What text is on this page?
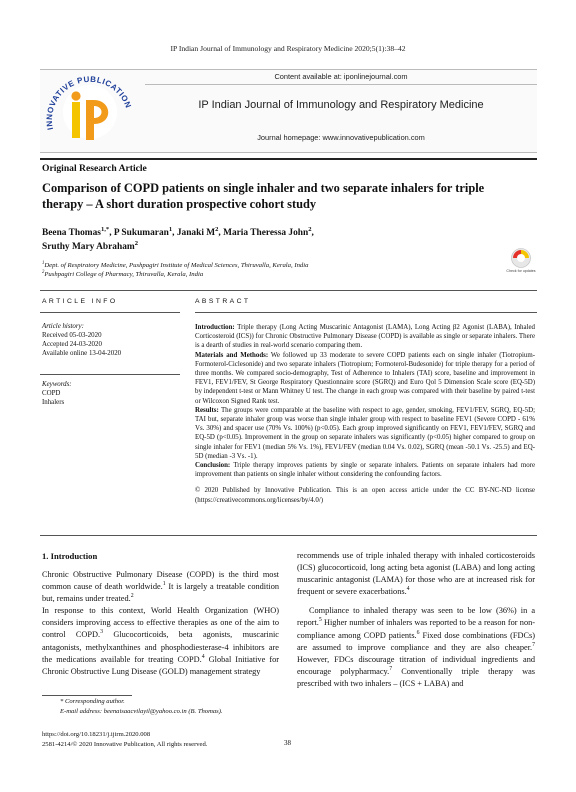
IP Indian Journal of Immunology and Respiratory Medicine 2020;5(1):38–42
INNOVATIVE PUBLICATION
Content available at: iponlinejournal.com
IP Indian Journal of Immunology and Respiratory Medicine
Journal homepage: www.innovativepublication.com
Original Research Article
Comparison of COPD patients on single inhaler and two separate inhalers for triple therapy – A short duration prospective cohort study
Beena Thomas$^{1,*}$, P Sukumaran$^1$, Janaki $M^2$, Maria Theressa John$^2$,
Sruthy Mary Abraham$^2$
$^1$Dept. of Respiratory Medicine, Pushpagiri Institute of Medical Sciences, Thiruvalla, Kerala, India
$^2$Pushpagiri College of Pharmacy, Thiruvalla, Kerala, India	Check for updates
ARTICLE INFO	ABSTRACT
Article history:
Received 05-03-2020
Accepted 24-03-2020
Available online 13-04-2020
Keywords:
COPD
Inhalers

Introduction: Triple therapy (Long Acting Muscarinic Antagonist (LAMA), Long Acting β2 Agonist (LABA), Inhaled Corticosteroid (ICS)) for Chronic Obstructive Pulmonary Disease (COPD) is available as single or separate inhalers. There is a dearth of studies in real-world scenario comparing them.

Materials and Methods: We followed up 33 moderate to severe COPD patients each on single inhaler (Tiotropium-Formoterol-Ciclesonide) and two separate inhalers (Tiotropium; Formoterol-Budesonide) for triple therapy for a period of three months. We compared socio-demography, Test of Adherence to Inhalers (TAI) score, baseline and improvement in FEV1, FEV1/FEV, St George Respiratory Questionnaire score (SGRQ) and Euro Qol 5 Dimension Scale score (EQ-5D) by independent t-test or Mann Whitney U test. The change in each group was compared with their baseline by paired t-test or Wilcoxon Signed Rank test.

Results: The groups were comparable at the baseline with respect to age, gender, smoking, FEV1/FEV, SGRQ, EQ-5D; TAI but, separate inhaler group was worse than single inhaler group with respect to baseline FEV1 (Severe COPD - 61% Vs. 30%) and spacer use (70% Vs. 100%) (p<0.05). Each group improved significantly on FEV1, FEV1/FEV, SGRQ and EQ-5D (p<0.05). Improvement in the group on separate inhalers was significantly (p<0.05) higher compared to group on single inhaler for FEV1 (median 5% Vs. 1%), FEV1/FEV (median 0.04 Vs. 0.02), SGRQ (mean -50.1 Vs. -25.5) and EQ-5D (median -3 Vs. -1).

Conclusion: Triple therapy improves patients by single or separate inhalers. Patients on separate inhalers had more improvement than patients on single inhaler without considering the confounding factors.

© 2020 Published by Innovative Publication. This is an open access article under the CC BY-NC-ND license (https://creativecommons.org/licenses/by/4.0/)

1. Introduction

Chronic Obstructive Pulmonary Disease (COPD) is the third most common cause of death worldwide.$^1$ It is largely a treatable condition but, remains under treated.$^2$
In response to this context, World Health Organization (WHO) considers improving access to effective therapies as one of the aim to control COPD.$^3$ Glucocorticoids, beta agonists, muscarinic antagonists, methylxanthines and phosphodiesterase-4 inhibitors are the medications available for treating COPD.$^4$ Global Initiative for Chronic Obstructive Lung Disease (GOLD) management strategy

recommends use of triple inhaled therapy with inhaled corticosteroids (ICS) glucocorticoid, long acting beta agonist (LABA) and long acting muscarinic antagonist (LAMA) for those who are at increased risk for frequent or severe exacerbations.$^4$

Compliance to inhaled therapy was seen to be low (36%) in a report.$^5$ Higher number of inhalers was reported to be a reason for non-compliance among COPD patients.$^6$ Fixed dose combinations (FDCs) are assumed to improve compliance and they are also cheaper.$^7$ However, FDCs discourage titration of individual ingredients and encourage polypharmacy.$^7$ Conventionally triple therapy was prescribed with two inhalers – (ICS + LABA) and

* Corresponding author.
E-mail address: beenaisaacvilayil@yahoo.co.in (B. Thomas).
https://doi.org/10.18231/j.ijirm.2020.008
2581-4214/© 2020 Innovative Publication, All rights reserved.	38
